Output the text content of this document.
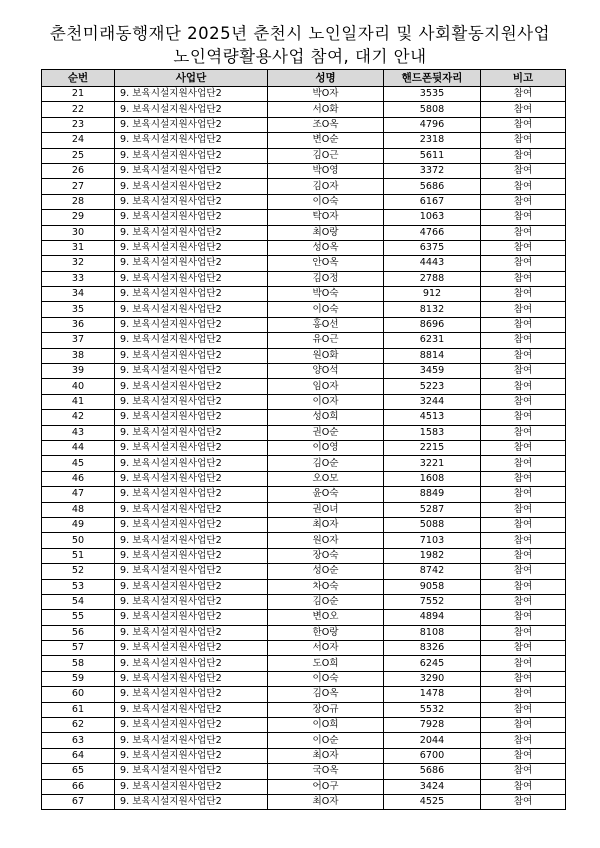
춘천미래동행재단 2025년 춘천시 노인일자리 및 사회활동지원사업
노인역량활용사업 참여, 대기 안내
순번	사업단	성명	핸드폰뒷자리	비고
21	9. 보육시설지원사업단2	박O자	3535	참여
22	9. 보육시설지원사업단2	서O화	5808	참여
23	9. 보육시설지원사업단2	조O옥	4796	참여
24	9. 보육시설지원사업단2	변O순	2318	참여
25	9. 보육시설지원사업단2	김O근	5611	참여
26	9. 보육시설지원사업단2	박O영	3372	참여
27	9. 보육시설지원사업단2	김O자	5686	참여
28	9. 보육시설지원사업단2	이O숙	6167	참여
29	9. 보육시설지원사업단2	탁O자	1063	참여
30	9. 보육시설지원사업단2	최O랑	4766	참여
31	9. 보육시설지원사업단2	성O옥	6375	참여
32	9. 보육시설지원사업단2	안O옥	4443	참여
33	9. 보육시설지원사업단2	김O정	2788	참여
34	9. 보육시설지원사업단2	박O숙	912	참여
35	9. 보육시설지원사업단2	이O숙	8132	참여
36	9. 보육시설지원사업단2	홍O선	8696	참여
37	9. 보육시설지원사업단2	유O근	6231	참여
38	9. 보육시설지원사업단2	원O화	8814	참여
39	9. 보육시설지원사업단2	양O석	3459	참여
40	9. 보육시설지원사업단2	임O자	5223	참여
41	9. 보육시설지원사업단2	이O자	3244	참여
42	9. 보육시설지원사업단2	성O희	4513	참여
43	9. 보육시설지원사업단2	권O순	1583	참여
44	9. 보육시설지원사업단2	이O영	2215	참여
45	9. 보육시설지원사업단2	김O순	3221	참여
46	9. 보육시설지원사업단2	오O모	1608	참여
47	9. 보육시설지원사업단2	윤O숙	8849	참여
48	9. 보육시설지원사업단2	권O녀	5287	참여
49	9. 보육시설지원사업단2	최O자	5088	참여
50	9. 보육시설지원사업단2	원O자	7103	참여
51	9. 보육시설지원사업단2	장O숙	1982	참여
52	9. 보육시설지원사업단2	성O순	8742	참여
53	9. 보육시설지원사업단2	차O숙	9058	참여
54	9. 보육시설지원사업단2	김O순	7552	참여
55	9. 보육시설지원사업단2	변O오	4894	참여
56	9. 보육시설지원사업단2	한O랑	8108	참여
57	9. 보육시설지원사업단2	서O자	8326	참여
58	9. 보육시설지원사업단2	도O희	6245	참여
59	9. 보육시설지원사업단2	이O숙	3290	참여
60	9. 보육시설지원사업단2	김O옥	1478	참여
61	9. 보육시설지원사업단2	장O규	5532	참여
62	9. 보육시설지원사업단2	이O희	7928	참여
63	9. 보육시설지원사업단2	이O순	2044	참여
64	9. 보육시설지원사업단2	최O자	6700	참여
65	9. 보육시설지원사업단2	국O옥	5686	참여
66	9. 보육시설지원사업단2	어O구	3424	참여
67	9. 보육시설지원사업단2	최O자	4525	참여
